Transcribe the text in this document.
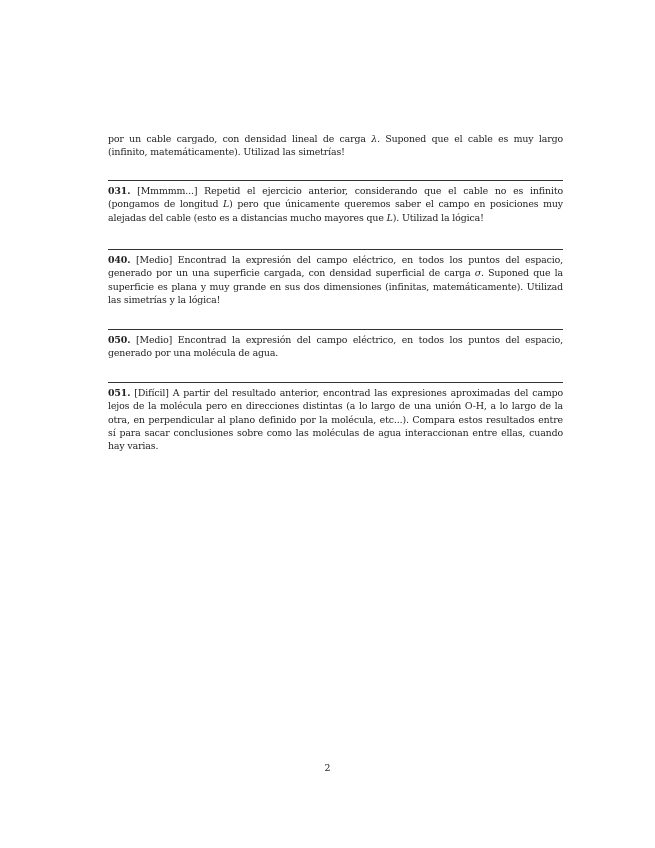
por un cable cargado, con densidad lineal de carga λ. Suponed que el cable es muy largo (infinito, matemáticamente). Utilizad las simetrías!

031. [Mmmmm...] Repetid el ejercicio anterior, considerando que el cable no es infinito (pongamos de longitud L) pero que únicamente queremos saber el campo en posiciones muy alejadas del cable (esto es a distancias mucho mayores que L). Utilizad la lógica!

040. [Medio] Encontrad la expresión del campo eléctrico, en todos los puntos del espacio, generado por un una superficie cargada, con densidad superficial de carga σ. Suponed que la superficie es plana y muy grande en sus dos dimensiones (infinitas, matemáticamente). Utilizad las simetrías y la lógica!

050. [Medio] Encontrad la expresión del campo eléctrico, en todos los puntos del espacio, generado por una molécula de agua.

051. [Difícil] A partir del resultado anterior, encontrad las expresiones aproximadas del campo lejos de la molécula pero en direcciones distintas (a lo largo de una unión O-H, a lo largo de la otra, en perpendicular al plano definido por la molécula, etc...). Compara estos resultados entre sí para sacar conclusiones sobre como las moléculas de agua interaccionan entre ellas, cuando hay varias.

2
